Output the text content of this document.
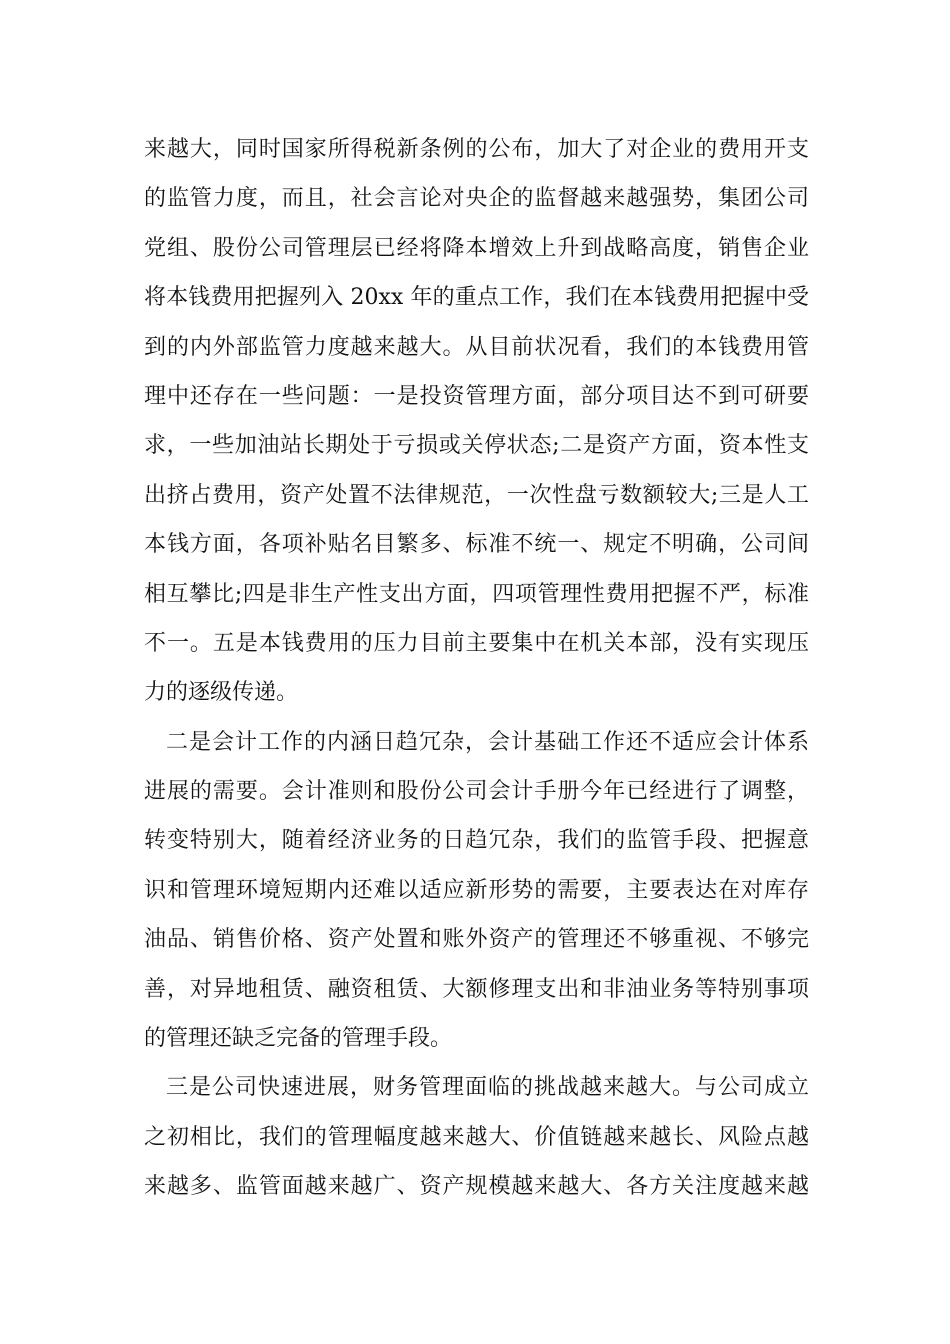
来越大，同时国家所得税新条例的公布，加大了对企业的费用开支
的监管力度，而且，社会言论对央企的监督越来越强势，集团公司
党组、股份公司管理层已经将降本增效上升到战略高度，销售企业
将本钱费用把握列入 20xx 年的重点工作，我们在本钱费用把握中受
到的内外部监管力度越来越大。从目前状况看，我们的本钱费用管
理中还存在一些问题：一是投资管理方面，部分项目达不到可研要
求，一些加油站长期处于亏损或关停状态;二是资产方面，资本性支
出挤占费用，资产处置不法律规范，一次性盘亏数额较大;三是人工
本钱方面，各项补贴名目繁多、标准不统一、规定不明确，公司间
相互攀比;四是非生产性支出方面，四项管理性费用把握不严，标准
不一。五是本钱费用的压力目前主要集中在机关本部，没有实现压
力的逐级传递。
二是会计工作的内涵日趋冗杂，会计基础工作还不适应会计体系
进展的需要。会计准则和股份公司会计手册今年已经进行了调整，
转变特别大，随着经济业务的日趋冗杂，我们的监管手段、把握意
识和管理环境短期内还难以适应新形势的需要，主要表达在对库存
油品、销售价格、资产处置和账外资产的管理还不够重视、不够完
善，对异地租赁、融资租赁、大额修理支出和非油业务等特别事项
的管理还缺乏完备的管理手段。
三是公司快速进展，财务管理面临的挑战越来越大。与公司成立
之初相比，我们的管理幅度越来越大、价值链越来越长、风险点越
来越多、监管面越来越广、资产规模越来越大、各方关注度越来越
